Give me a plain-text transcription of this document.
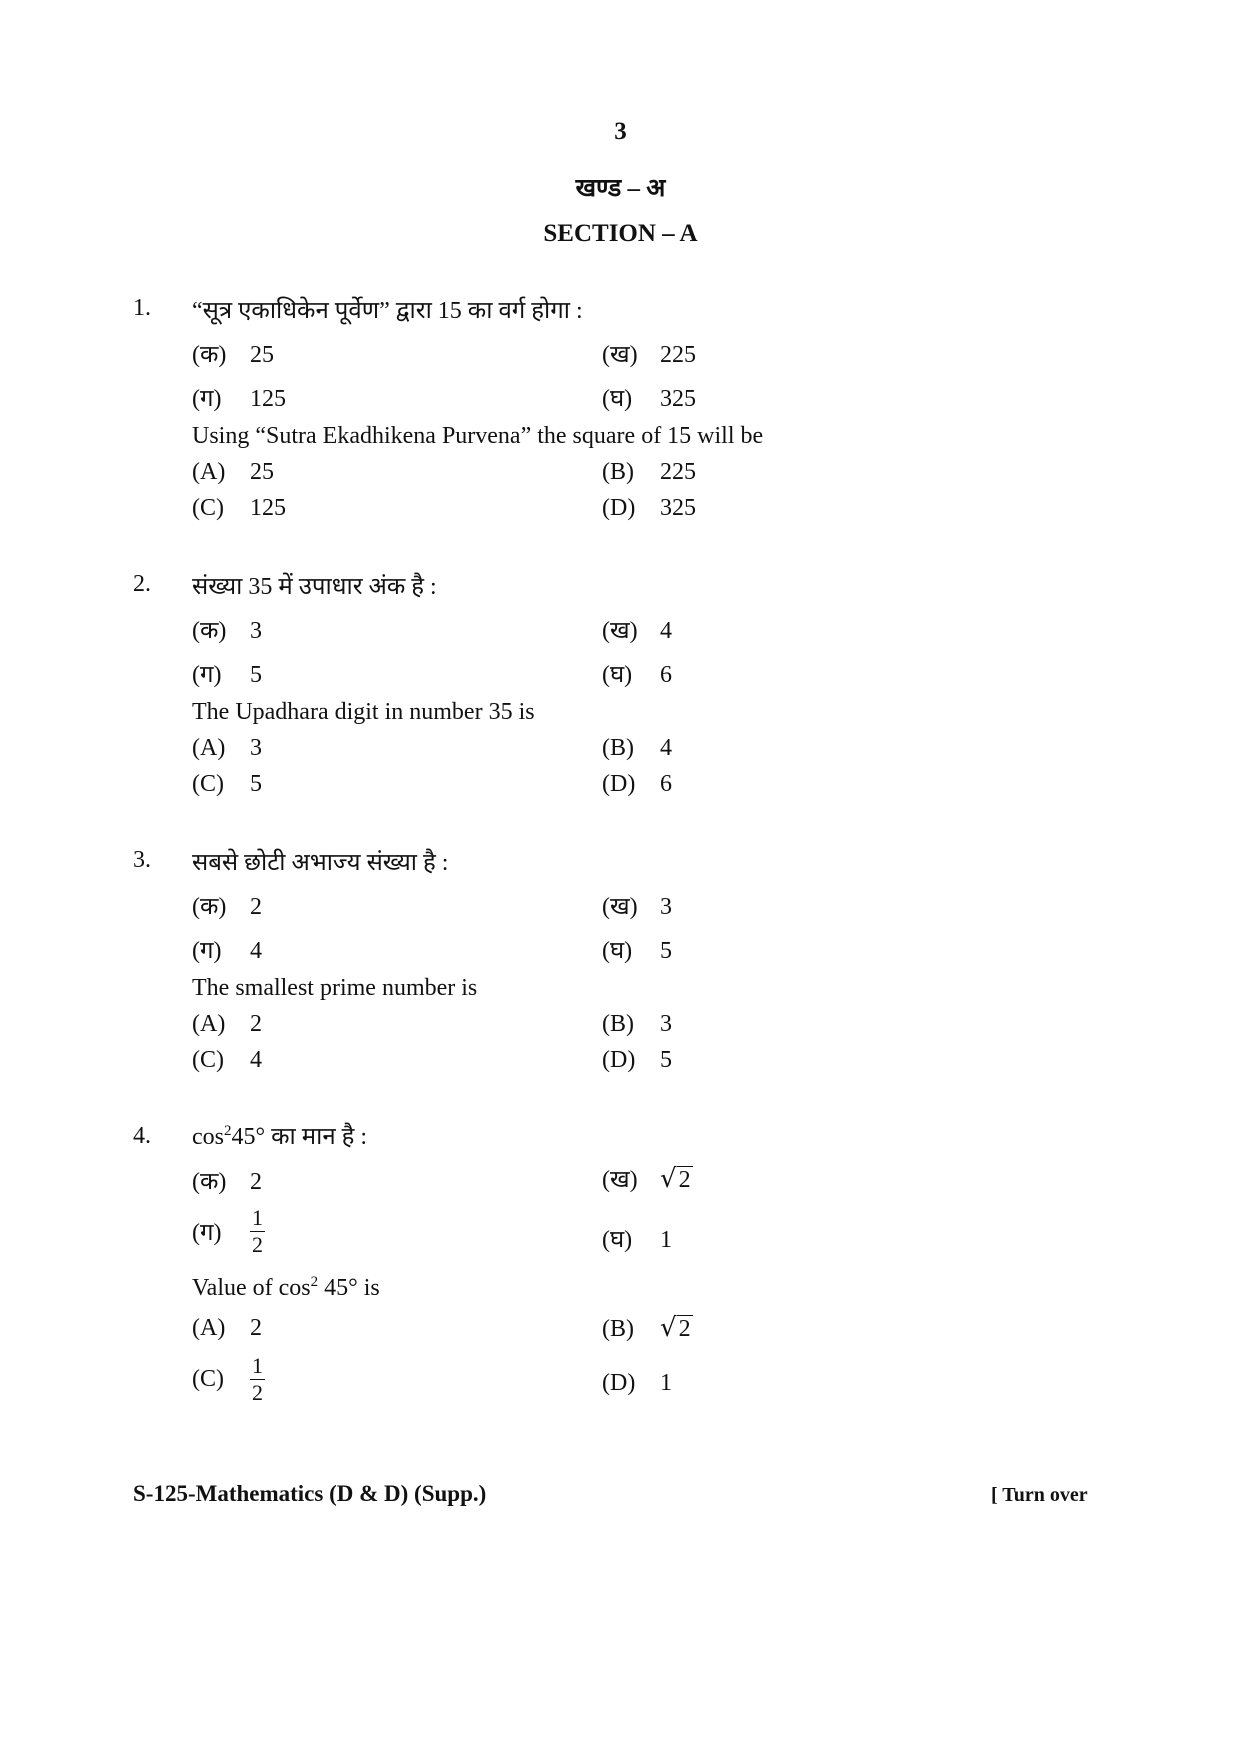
3
खण्ड – अ
SECTION – A
1. “सूत्र एकाधिकेन पूर्वेण” द्वारा 15 का वर्ग होगा :
(क) 25	(ख) 225
(ग) 125	(घ) 325
Using “Sutra Ekadhikena Purvena” the square of 15 will be
(A) 25	(B) 225
(C) 125	(D) 325
2. संख्या 35 में उपाधार अंक है :
(क) 3	(ख) 4
(ग) 5	(घ) 6
The Upadhara digit in number 35 is
(A) 3	(B) 4
(C) 5	(D) 6
3. सबसे छोटी अभाज्य संख्या है :
(क) 2	(ख) 3
(ग) 4	(घ) 5
The smallest prime number is
(A) 2	(B) 3
(C) 4	(D) 5
4. $\cos^245^\circ$ का मान है :
(क) 2	(ख) √2
(ग) $\frac{1}{2}$	(घ) 1
Value of $\cos^2 45^\circ$ is
(A) 2	(B) √2
$(C) \frac{1}{2}$	(D) 1
S-125-Mathematics (D & D) (Supp.)	[ Turn over
